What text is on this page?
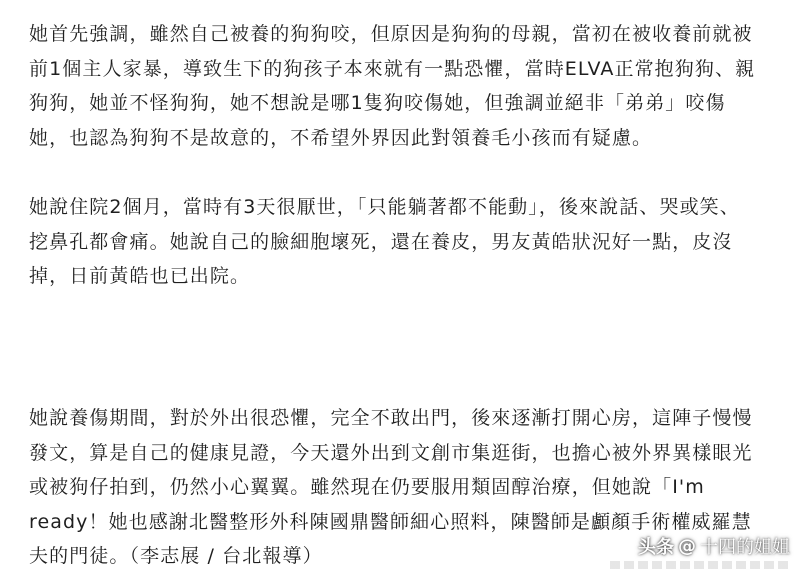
她首先強調，雖然自己被養的狗狗咬，但原因是狗狗的母親，當初在被收養前就被
前1個主人家暴，導致生下的狗孩子本來就有一點恐懼，當時ELVA正常抱狗狗、親
狗狗，她並不怪狗狗，她不想說是哪1隻狗咬傷她，但強調並絕非「弟弟」咬傷
她，也認為狗狗不是故意的，不希望外界因此對領養毛小孩而有疑慮。

她說住院2個月，當時有3天很厭世，「只能躺著都不能動」，後來說話、哭或笑、
挖鼻孔都會痛。她說自己的臉細胞壞死，還在養皮，男友黃皓狀況好一點，皮沒
掉，日前黃皓也已出院。

她說養傷期間，對於外出很恐懼，完全不敢出門，後來逐漸打開心房，這陣子慢慢
發文，算是自己的健康見證，今天還外出到文創市集逛街，也擔心被外界異樣眼光
或被狗仔拍到，仍然小心翼翼。雖然現在仍要服用類固醇治療，但她說「I'm
ready！她也感謝北醫整形外科陳國鼎醫師細心照料，陳醫師是顱顏手術權威羅慧
夫的門徒。（李志展 / 台北報導）	头条 @ 十四的姐姐
